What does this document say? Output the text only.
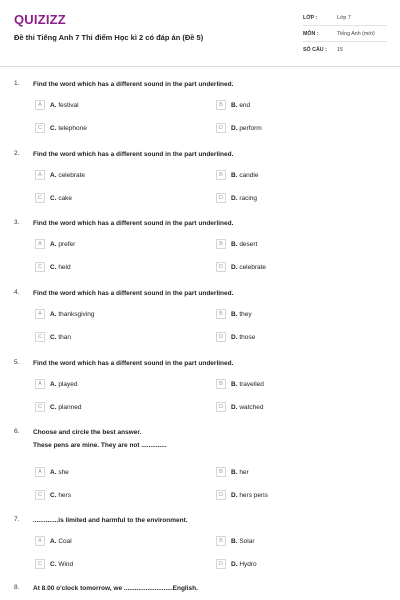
QUIZIZZ
Đề thi Tiếng Anh 7 Thi điểm Học kì 2 có đáp án (Đề 5)
LỚP :	Lớp 7
MÔN :	Tiếng Anh (mới)
SỐ CÂU :	15
1. Find the word which has a different sound in the part underlined.
A	A. festival	B	B. end
C	C. telephone	D	D. perform
2. Find the word which has a different sound in the part underlined.
A	A. celebrate	B	B. candle
C	C. cake	D	D. racing
3. Find the word which has a different sound in the part underlined.
A	A. prefer	B	B. desert
C	C. held	D	D. celebrate
4. Find the word which has a different sound in the part underlined.
A	A. thanksgiving	B	B. they
C	C. than	D	D. those
5. Find the word which has a different sound in the part underlined.
A	A. played	B	B. travelled
C	C. planned	D	D. watched
6. Choose and circle the best answer.
These pens are mine. They are not ..............
A	A. she	B	B. her
C	C. hers	D	D. hers pens
7. ..............is limited and harmful to the environment.
A	A. Coal	B	B. Solar
C	C. Wind	D	D. Hydro
8. At 8.00 o'clock tomorrow, we ...........................English.
